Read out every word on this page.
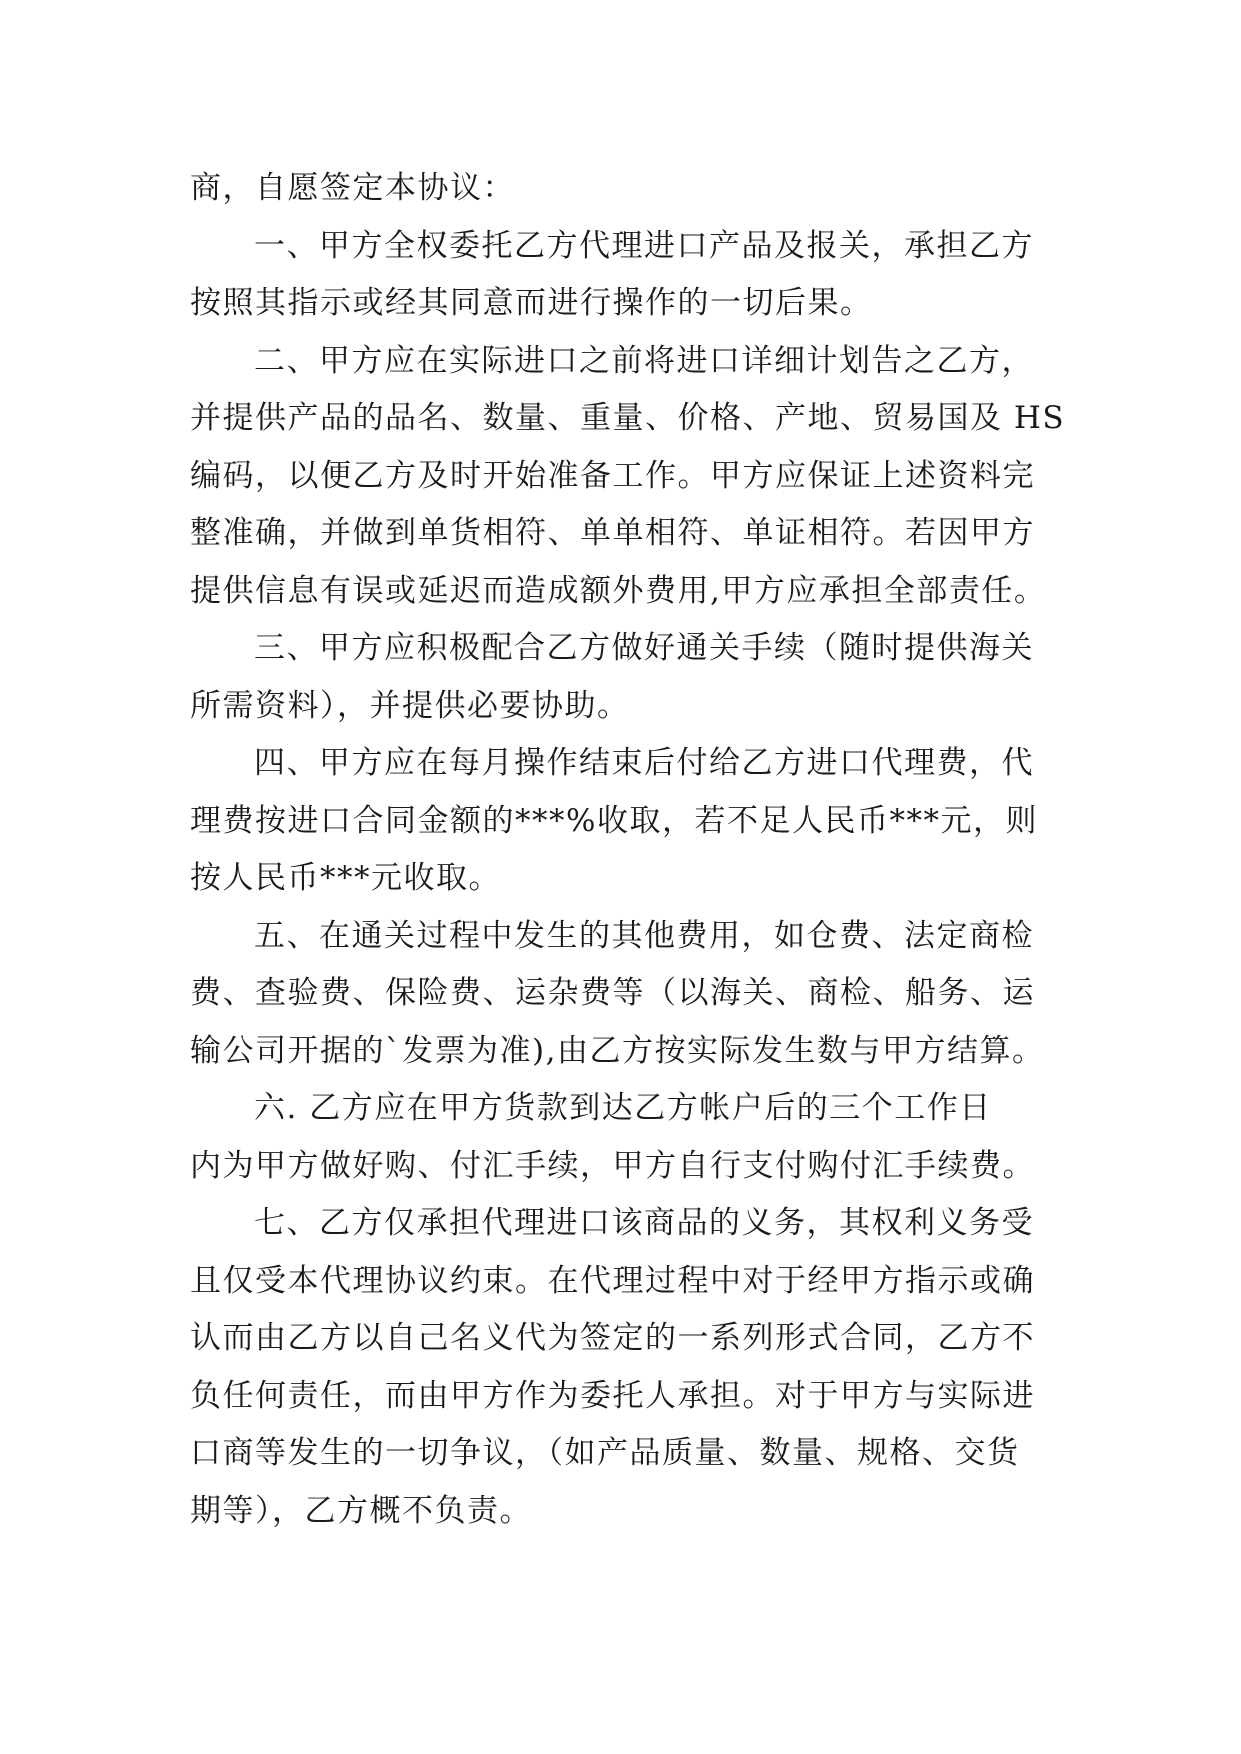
商，自愿签定本协议：
一、甲方全权委托乙方代理进口产品及报关，承担乙方
按照其指示或经其同意而进行操作的一切后果。
二、甲方应在实际进口之前将进口详细计划告之乙方，
并提供产品的品名、数量、重量、价格、产地、贸易国及 HS
编码，以便乙方及时开始准备工作。甲方应保证上述资料完
整准确，并做到单货相符、单单相符、单证相符。若因甲方
提供信息有误或延迟而造成额外费用,甲方应承担全部责任。
三、甲方应积极配合乙方做好通关手续（随时提供海关
所需资料），并提供必要协助。
四、甲方应在每月操作结束后付给乙方进口代理费，代
理费按进口合同金额的***%收取，若不足人民币***元，则
按人民币***元收取。
五、在通关过程中发生的其他费用，如仓费、法定商检
费、查验费、保险费、运杂费等（以海关、商检、船务、运
输公司开据的`发票为准),由乙方按实际发生数与甲方结算。
六. 乙方应在甲方货款到达乙方帐户后的三个工作日
内为甲方做好购、付汇手续，甲方自行支付购付汇手续费。
七、乙方仅承担代理进口该商品的义务，其权利义务受
且仅受本代理协议约束。在代理过程中对于经甲方指示或确
认而由乙方以自己名义代为签定的一系列形式合同，乙方不
负任何责任，而由甲方作为委托人承担。对于甲方与实际进
口商等发生的一切争议，（如产品质量、数量、规格、交货
期等），乙方概不负责。
